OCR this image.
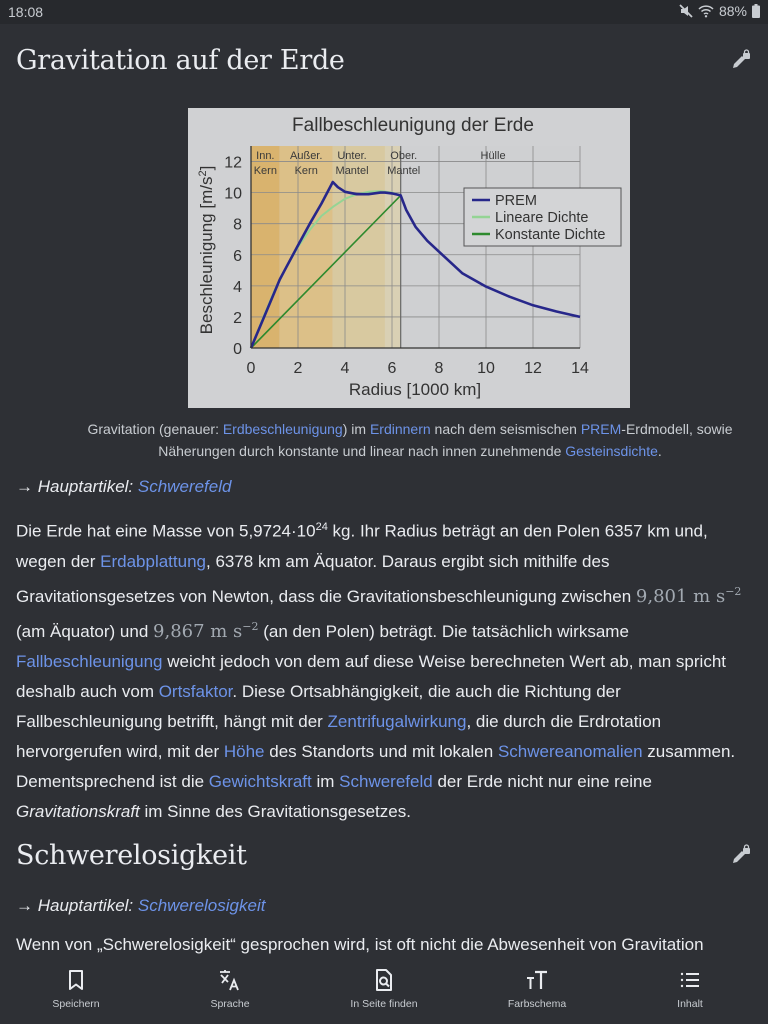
18:08	88%
Gravitation auf der Erde
Inn.
Kern
Außer.
Kern
Unter.
Mantel
Ober.
Mantel
Hülle
0 2 4 6 8 10 12 14
0
2
4
6
8
10
12
Fallbeschleunigung der Erde
Radius [1000 km]
Beschleunigung $[m/s^2]$
PREM
Lineare Dichte
Konstante Dichte
Gravitation (genauer: Erdbeschleunigung) im Erdinnern nach dem seismischen PREM-Erdmodell, sowie Näherungen durch konstante und linear nach innen zunehmende Gesteinsdichte.
→ Hauptartikel: Schwerefeld
Die Erde hat eine Masse von $5,9724\cdot 10^{24}$ kg. Ihr Radius beträgt an den Polen 6357 km und, wegen der Erdabplattung, 6378 km am Äquator. Daraus ergibt sich mithilfe des Gravitationsgesetzes von Newton, dass die Gravitationsbeschleunigung zwischen 9,801 m $s^{-2}$ (am Äquator) und 9,867 m $s^{-2}$ (an den Polen) beträgt. Die tatsächlich wirksame Fallbeschleunigung weicht jedoch von dem auf diese Weise berechneten Wert ab, man spricht deshalb auch vom Ortsfaktor. Diese Ortsabhängigkeit, die auch die Richtung der Fallbeschleunigung betrifft, hängt mit der Zentrifugalwirkung, die durch die Erdrotation hervorgerufen wird, mit der Höhe des Standorts und mit lokalen Schwereanomalien zusammen. Dementsprechend ist die Gewichtskraft im Schwerefeld der Erde nicht nur eine reine Gravitationskraft im Sinne des Gravitationsgesetzes.
Schwerelosigkeit
→ Hauptartikel: Schwerelosigkeit
Wenn von „Schwerelosigkeit“ gesprochen wird, ist oft nicht die Abwesenheit von Gravitation
Speichern	Sprache	In Seite finden	Farbschema	Inhalt
